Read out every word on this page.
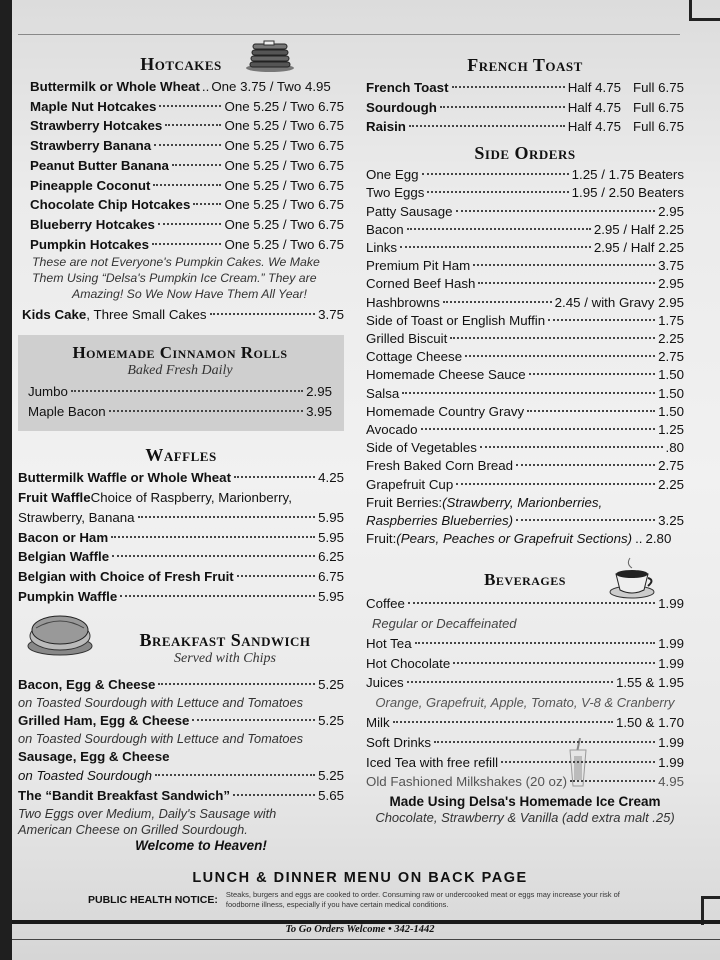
Hotcakes
Buttermilk or Whole Wheat .. One 3.75 / Two 4.95
Maple Nut Hotcakes	One 5.25 / Two 6.75
Strawberry Hotcakes	One 5.25 / Two 6.75
Strawberry Banana	One 5.25 / Two 6.75
Peanut Butter Banana	One 5.25 / Two 6.75
Pineapple Coconut	One 5.25 / Two 6.75
Chocolate Chip Hotcakes	One 5.25 / Two 6.75
Blueberry Hotcakes	One 5.25 / Two 6.75
Pumpkin Hotcakes	One 5.25 / Two 6.75
These are not Everyone's Pumpkin Cakes. We Make
Them Using “Delsa's Pumpkin Ice Cream.” They are
Amazing! So We Now Have Them All Year!
Kids Cake , Three Small Cakes	3.75
Homemade Cinnamon Rolls
Baked Fresh Daily
Jumbo	2.95
Maple Bacon	3.95
Waffles
Buttermilk Waffle or Whole Wheat	4.25
Fruit Waffle Choice of Raspberry, Marionberry,
Strawberry, Banana	5.95
Bacon or Ham	5.95
Belgian Waffle	6.25
Belgian with Choice of Fresh Fruit	6.75
Pumpkin Waffle	5.95
Breakfast Sandwich
Served with Chips
Bacon, Egg & Cheese	5.25
on Toasted Sourdough with Lettuce and Tomatoes
Grilled Ham, Egg & Cheese	5.25
on Toasted Sourdough with Lettuce and Tomatoes
Sausage, Egg & Cheese
on Toasted Sourdough	5.25
The “Bandit Breakfast Sandwich”	5.65
Two Eggs over Medium, Daily's Sausage with
American Cheese on Grilled Sourdough.
Welcome to Heaven!
French Toast
French Toast	Half 4.75 Full 6.75
Sourdough	Half 4.75 Full 6.75
Raisin	Half 4.75 Full 6.75
Side Orders
One Egg	1.25 / 1.75 Beaters
Two Eggs	1.95 / 2.50 Beaters
Patty Sausage	2.95
Bacon	2.95 / Half 2.25
Links	2.95 / Half 2.25
Premium Pit Ham	3.75
Corned Beef Hash	2.95
Hashbrowns	2.45 / with Gravy 2.95
Side of Toast or English Muffin	1.75
Grilled Biscuit	2.25
Cottage Cheese	2.75
Homemade Cheese Sauce	1.50
Salsa	1.50
Homemade Country Gravy	1.50
Avocado	1.25
Side of Vegetables	.80
Fresh Baked Corn Bread	2.75
Grapefruit Cup	2.25
Fruit Berries: (Strawberry, Marionberries,
Raspberries Blueberries)	3.25
Fruit: (Pears, Peaches or Grapefruit Sections) .. 2.80
Beverages
Coffee	1.99
Regular or Decaffeinated
Hot Tea	1.99
Hot Chocolate	1.99
Juices	1.55 & 1.95
Orange, Grapefruit, Apple, Tomato, V-8 & Cranberry
Milk	1.50 & 1.70
Soft Drinks	1.99
Iced Tea with free refill	1.99
Old Fashioned Milkshakes (20 oz)	4.95
Made Using Delsa's Homemade Ice Cream
Chocolate, Strawberry & Vanilla (add extra malt .25)
LUNCH & DINNER MENU ON BACK PAGE
PUBLIC HEALTH NOTICE: Steaks, burgers and eggs are cooked to order. Consuming raw or undercooked meat or eggs may increase your risk of foodborne illness, especially if you have certain medical conditions.
To Go Orders Welcome • 342-1442
